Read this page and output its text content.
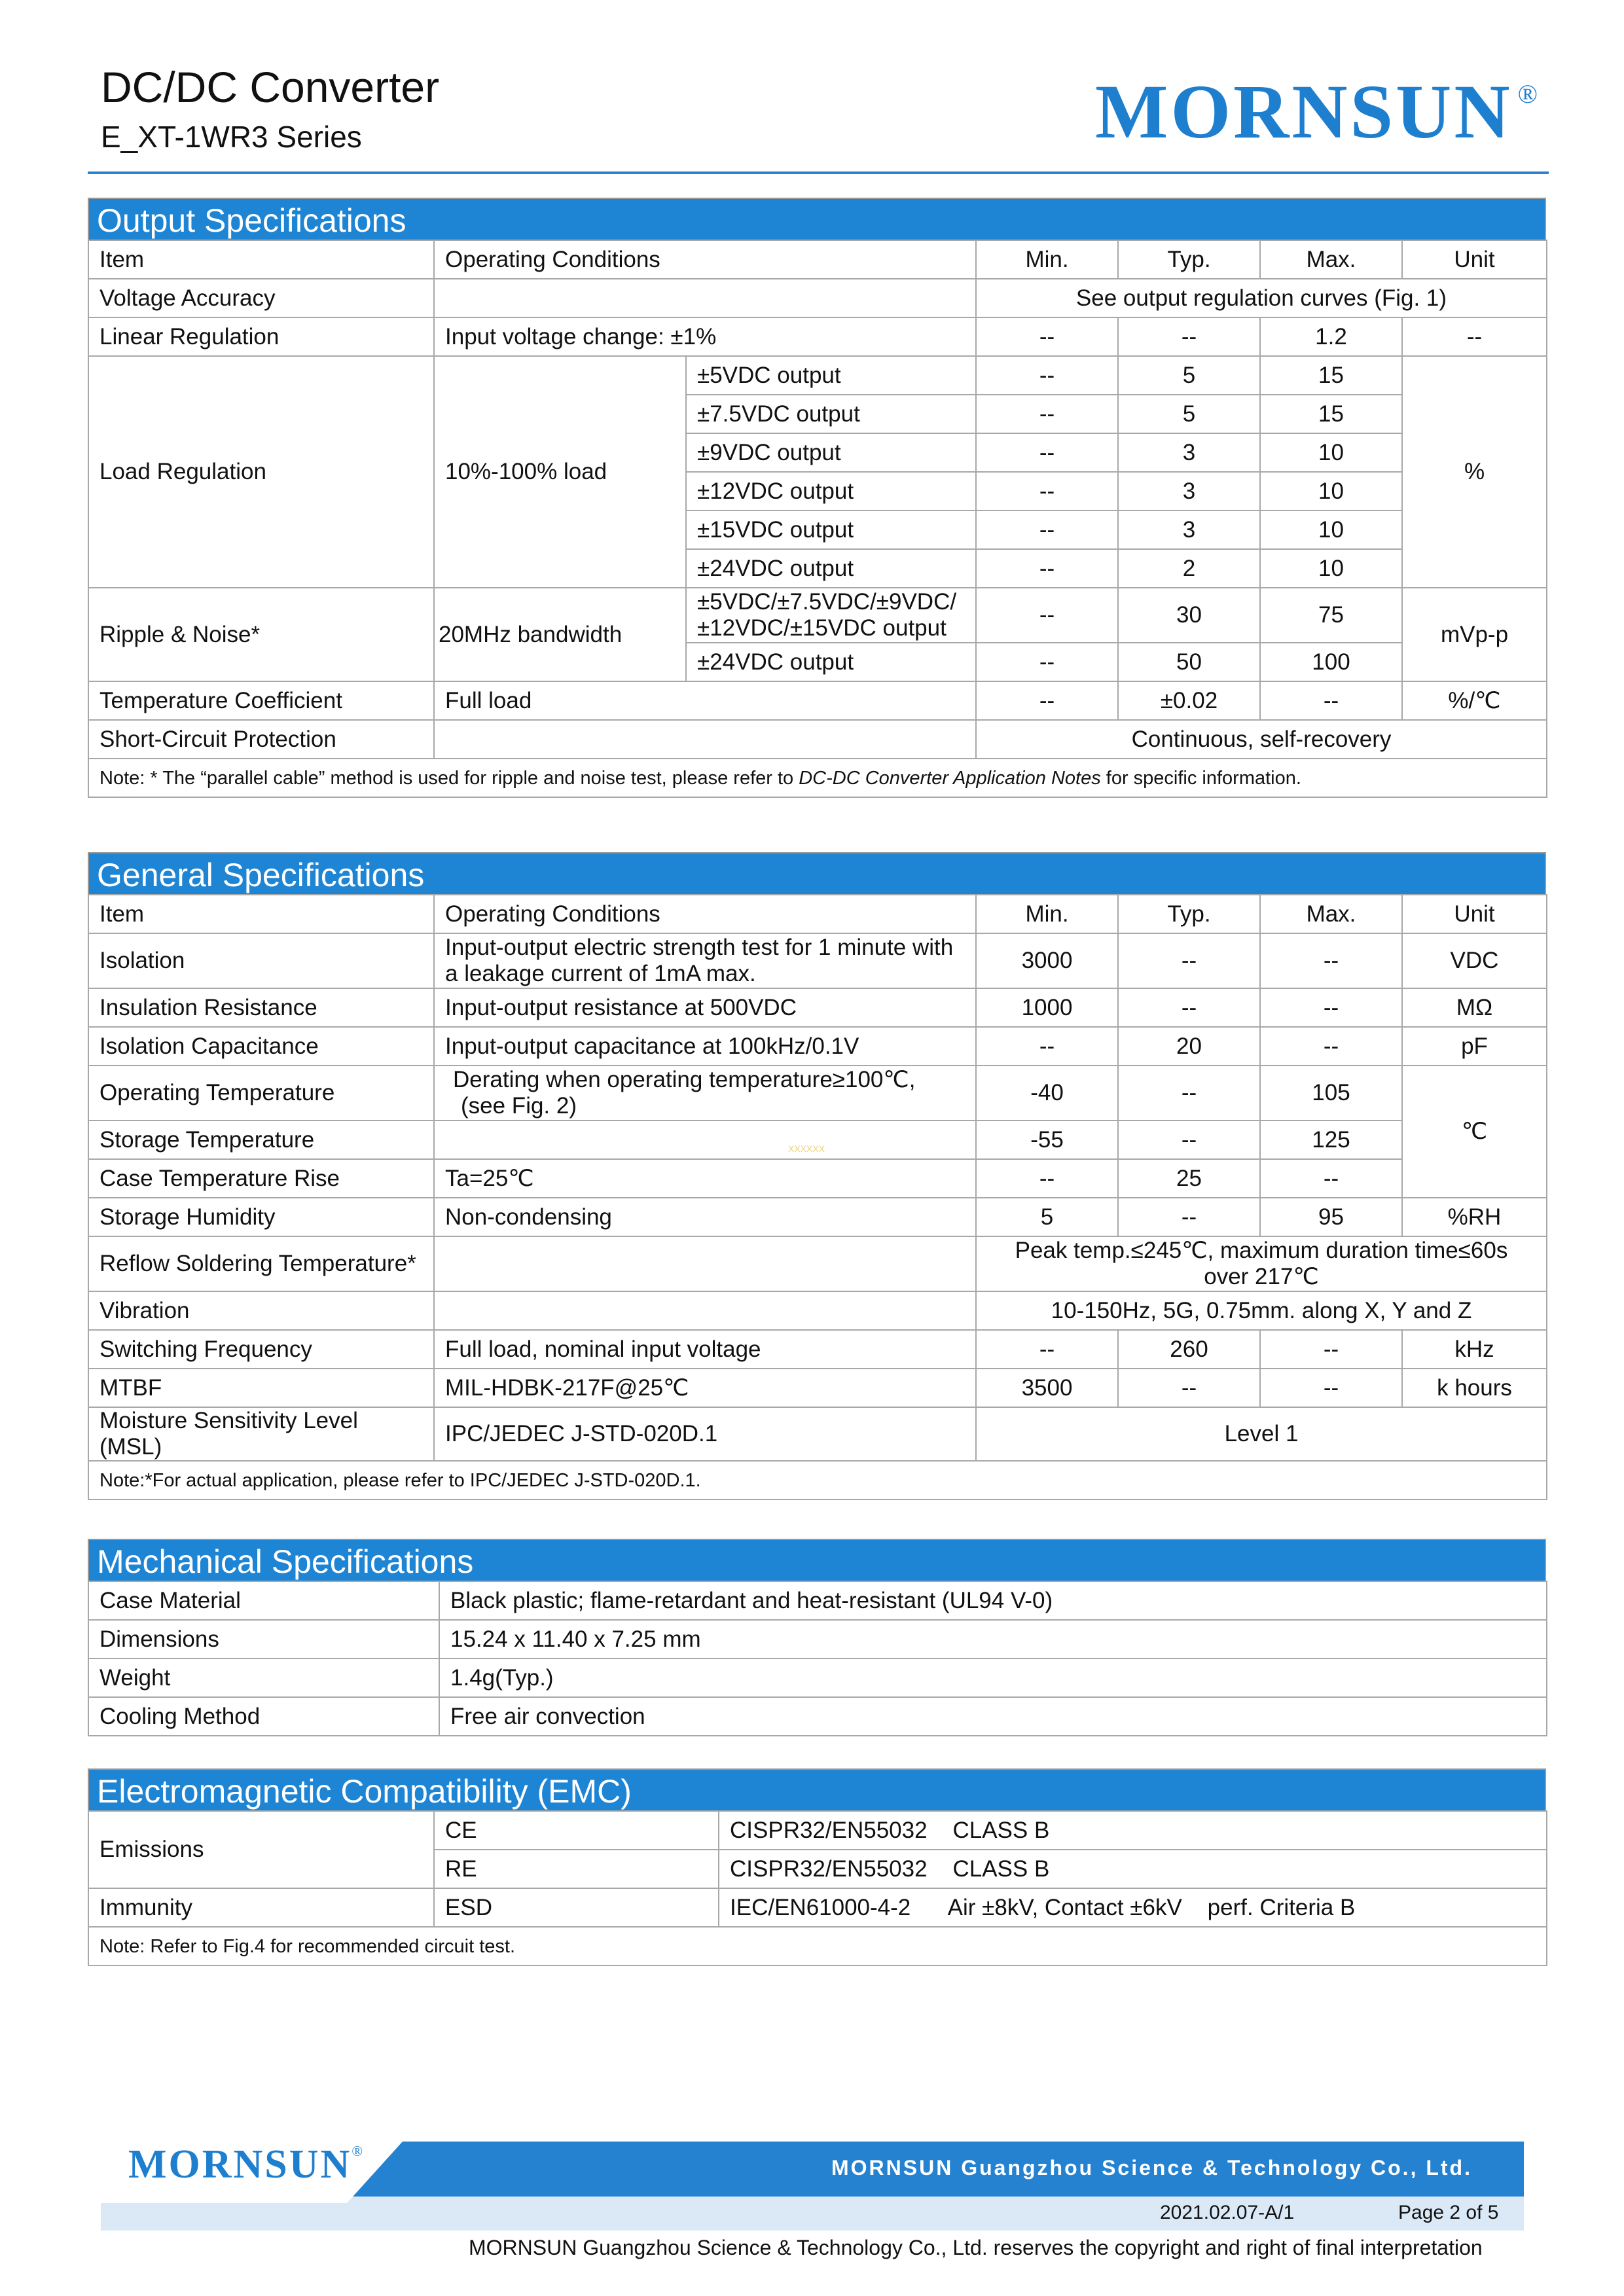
DC/DC Converter
E_XT-1WR3 Series	MORNSUN ®
Output Specifications
Item	Operating Conditions		Min.	Typ.	Max.	Unit
Voltage Accuracy			See output regulation curves (Fig. 1)			
Linear Regulation	Input voltage change: ±1%		--	--	1.2	--
Load Regulation	10%-100% load	±5VDC output	--	5	15	%
		±7.5VDC output	--	5	15	
		±9VDC output	--	3	10	
		±12VDC output	--	3	10	
		±15VDC output	--	3	10	
		±24VDC output	--	2	10	
Ripple & Noise*	20MHz bandwidth	±5VDC/±7.5VDC/±9VDC/
±12VDC/±15VDC output	--	30	75	mVp-p
		±24VDC output	--	50	100	
Temperature Coefficient	Full load		--	±0.02	--	%/℃
Short-Circuit Protection			Continuous, self-recovery			
Note: * The “parallel cable” method is used for ripple and noise test, please refer to DC-DC Converter Application Notes for specific information.						
General Specifications
Item	Operating Conditions	Min.	Typ.	Max.	Unit
Isolation	Input-output electric strength test for 1 minute with
a leakage current of 1mA max.	3000	--	--	VDC
Insulation Resistance	Input-output resistance at 500VDC	1000	--	--	MΩ
Isolation Capacitance	Input-output capacitance at 100kHz/0.1V	--	20	--	pF
Operating Temperature	Derating when operating temperature≥100℃,
(see Fig. 2)	-40	--	105	℃
Storage Temperature		-55	--	125	
Case Temperature Rise	Ta=25℃	--	25	--	
Storage Humidity	Non-condensing	5	--	95	%RH
Reflow Soldering Temperature*		Peak temp.≤245℃, maximum duration time≤60s
over 217℃			

Vibration		10-150Hz, 5G, 0.75mm. along X, Y and Z			
Switching Frequency	Full load, nominal input voltage	--	260	--	kHz
MTBF	MIL-HDBK-217F@25℃	3500	--	--	k hours
Moisture Sensitivity Level (MSL)	IPC/JEDEC J-STD-020D.1	Level 1			
Note:*For actual application, please refer to IPC/JEDEC J-STD-020D.1.					
Mechanical Specifications
Case Material	Black plastic; flame-retardant and heat-resistant (UL94 V-0)
Dimensions	15.24 x 11.40 x 7.25 mm
Weight	1.4g(Typ.)
Cooling Method	Free air convection
Electromagnetic Compatibility (EMC)
Emissions	CE	CISPR32/EN55032    CLASS B
	RE	CISPR32/EN55032    CLASS B
Immunity	ESD	IEC/EN61000-4-2      Air ±8kV, Contact ±6kV    perf. Criteria B
Note: Refer to Fig.4 for recommended circuit test.		
XXXXXX
MORNSUN®
MORNSUN Guangzhou Science & Technology Co., Ltd.
2021.02.07-A/1	Page 2 of 5
MORNSUN Guangzhou Science & Technology Co., Ltd. reserves the copyright and right of final interpretation
